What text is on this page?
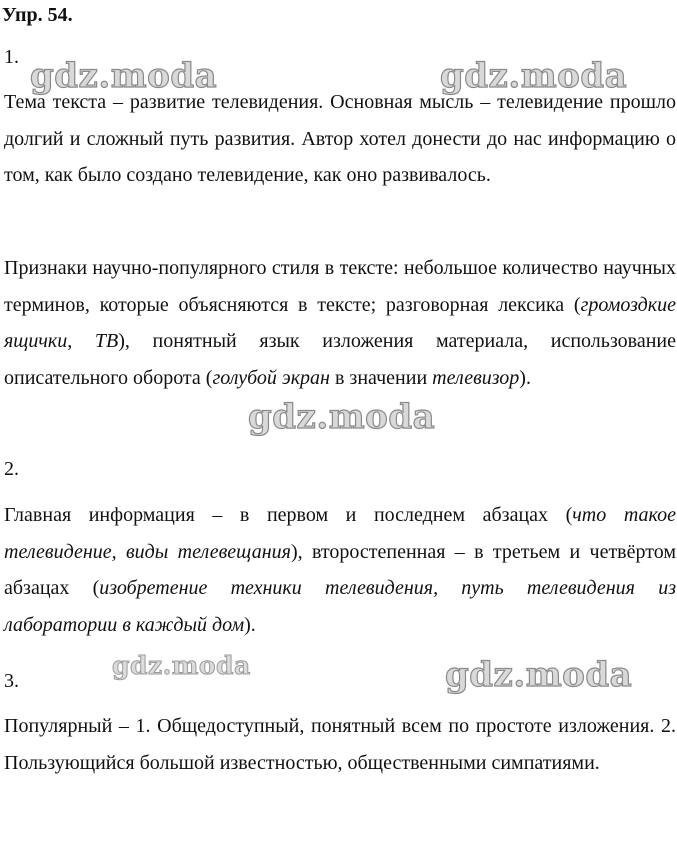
Упр. 54.
1.

Тема текста – развитие телевидения. Основная мысль – телевидение прошло долгий и сложный путь развития. Автор хотел донести до нас информацию о том, как было создано телевидение, как оно развивалось.

Признаки научно-популярного стиля в тексте: небольшое количество научных терминов, которые объясняются в тексте; разговорная лексика (громоздкие ящички, ТВ), понятный язык изложения материала, использование описательного оборота (голубой экран в значении телевизор).

2.

Главная информация – в первом и последнем абзацах (что такое телевидение, виды телевещания), второстепенная – в третьем и четвёртом абзацах (изобретение техники телевидения, путь телевидения из лаборатории в каждый дом).

3.

Популярный – 1. Общедоступный, понятный всем по простоте изложения. 2. Пользующийся большой известностью, общественными симпатиями.

gdz.moda	gdz.moda
gdz.moda
gdz.moda	gdz.moda
